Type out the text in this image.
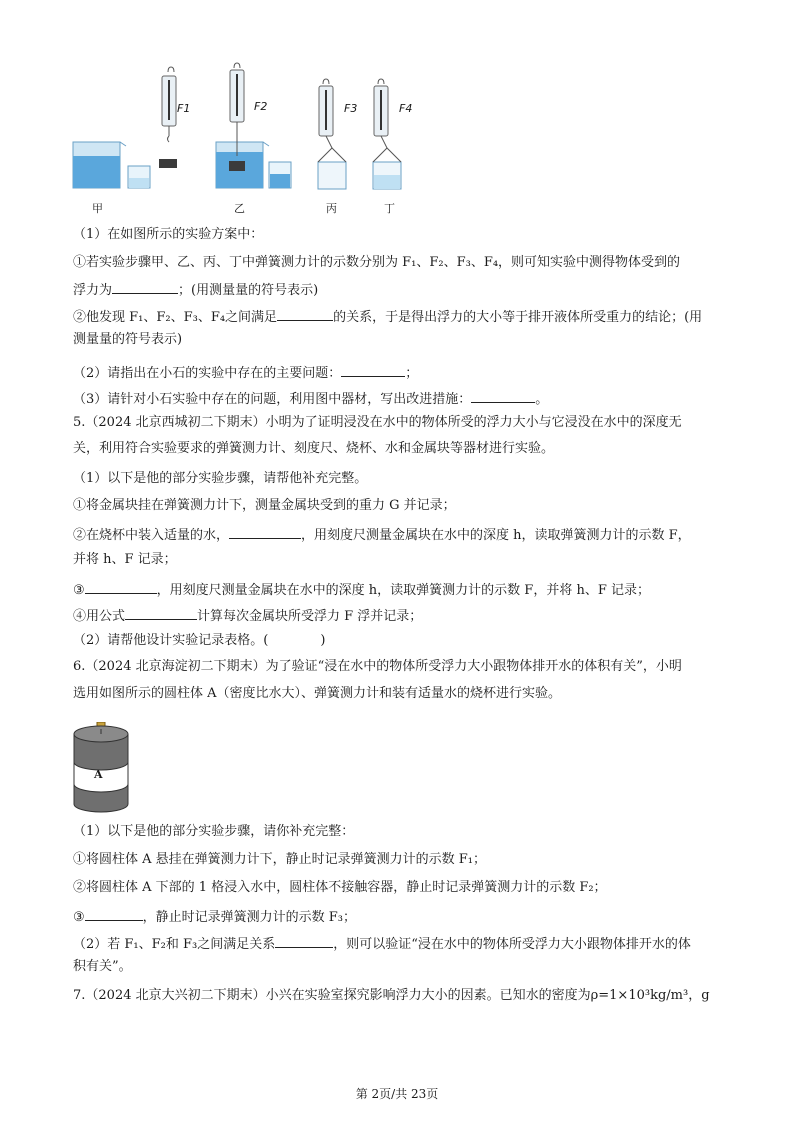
F1	F2	F3	F4
甲	乙	丙	丁
（1）在如图所示的实验方案中：
①若实验步骤甲、乙、丙、丁中弹簧测力计的示数分别为 F₁、F₂、F₃、F₄，则可知实验中测得物体受到的
浮力为	；(用测量量的符号表示)
②他发现 F₁、F₂、F₃、F₄之间满足	的关系，于是得出浮力的大小等于排开液体所受重力的结论；(用
测量量的符号表示)
（2）请指出在小石的实验中存在的主要问题：	；
（3）请针对小石实验中存在的问题，利用图中器材，写出改进措施：	。
5.（2024 北京西城初二下期末）小明为了证明浸没在水中的物体所受的浮力大小与它浸没在水中的深度无
关，利用符合实验要求的弹簧测力计、刻度尺、烧杯、水和金属块等器材进行实验。
（1）以下是他的部分实验步骤，请帮他补充完整。
①将金属块挂在弹簧测力计下，测量金属块受到的重力 G 并记录；
②在烧杯中装入适量的水，	，用刻度尺测量金属块在水中的深度 h，读取弹簧测力计的示数 F，
并将 h、F 记录；
③	，用刻度尺测量金属块在水中的深度 h，读取弹簧测力计的示数 F，并将 h、F 记录；
④用公式	计算每次金属块所受浮力 F 浮并记录；
（2）请帮他设计实验记录表格。(　　　　)
6.（2024 北京海淀初二下期末）为了验证“浸在水中的物体所受浮力大小跟物体排开水的体积有关”，小明
选用如图所示的圆柱体 A（密度比水大）、弹簧测力计和装有适量水的烧杯进行实验。
A
（1）以下是他的部分实验步骤，请你补充完整：
①将圆柱体 A 悬挂在弹簧测力计下，静止时记录弹簧测力计的示数 F₁；
②将圆柱体 A 下部的 1 格浸入水中，圆柱体不接触容器，静止时记录弹簧测力计的示数 F₂；
③	，静止时记录弹簧测力计的示数 F₃；
（2）若 F₁、F₂和 F₃之间满足关系	，则可以验证“浸在水中的物体所受浮力大小跟物体排开水的体
积有关”。
7.（2024 北京大兴初二下期末）小兴在实验室探究影响浮力大小的因素。已知水的密度为ρ=1×10³kg/m³，g
第 2页/共 23页
